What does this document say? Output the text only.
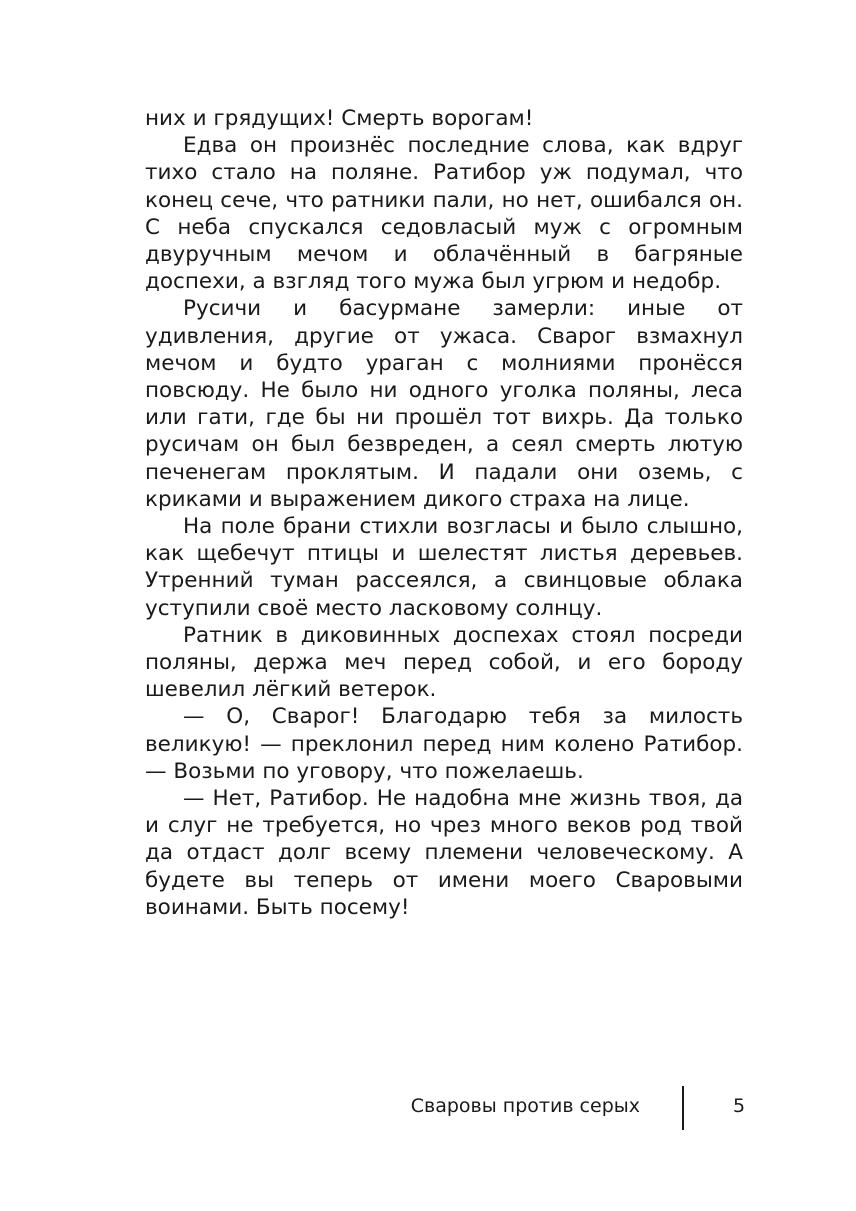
них и грядущих! Смерть ворогам!

Едва он произнёс последние слова, как вдруг тихо стало на поляне. Ратибор уж подумал, что конец сече, что ратники пали, но нет, ошибался он. С неба спускался седовласый муж с огромным двуручным мечом и облачённый в багряные доспехи, а взгляд того мужа был угрюм и недобр.

Русичи и басурмане замерли: иные от удивления, другие от ужаса. Сварог взмахнул мечом и будто ураган с молниями пронёсся повсюду. Не было ни одного уголка поляны, леса или гати, где бы ни прошёл тот вихрь. Да только русичам он был безвреден, а сеял смерть лютую печенегам проклятым. И падали они оземь, с криками и выражением дикого страха на лице.

На поле брани стихли возгласы и было слышно, как щебечут птицы и шелестят листья деревьев. Утренний туман рассеялся, а свинцовые облака уступили своё место ласковому солнцу.

Ратник в диковинных доспехах стоял посреди поляны, держа меч перед собой, и его бороду шевелил лёгкий ветерок.

— О, Сварог! Благодарю тебя за милость великую! — преклонил перед ним колено Ратибор. — Возьми по уговору, что пожелаешь.

— Нет, Ратибор. Не надобна мне жизнь твоя, да и слуг не требуется, но чрез много веков род твой да отдаст долг всему племени человеческому. А будете вы теперь от имени моего Сваровыми воинами. Быть посему!

Сваровы против серых	5
